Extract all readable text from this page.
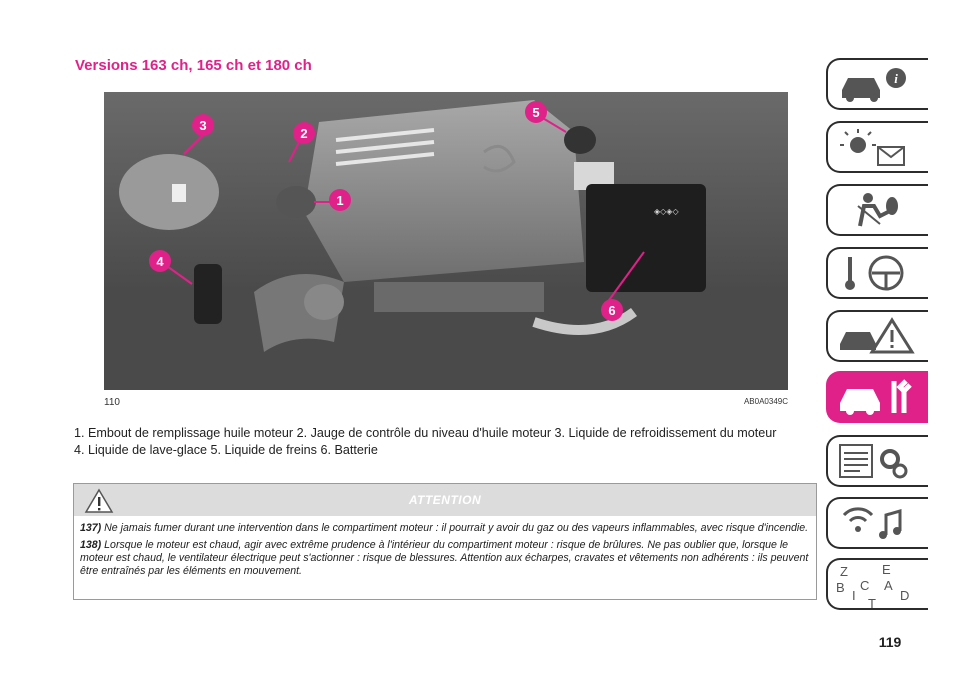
Versions 163 ch, 165 ch et 180 ch
◈◇◈◇
1
2
3
4
5
6
110	AB0A0349C
1. Embout de remplissage huile moteur 2. Jauge de contrôle du niveau d'huile moteur 3. Liquide de refroidissement du moteur
4. Liquide de lave-glace 5. Liquide de freins 6. Batterie
ATTENTION

137) Ne jamais fumer durant une intervention dans le compartiment moteur : il pourrait y avoir du gaz ou des vapeurs inflammables, avec risque d'incendie.

138) Lorsque le moteur est chaud, agir avec extrême prudence à l'intérieur du compartiment moteur : risque de brûlures. Ne pas oublier que, lorsque le moteur est chaud, le ventilateur électrique peut s'actionner : risque de blessures. Attention aux écharpes, cravates et vêtements non adhérents : ils peuvent être entraînés par les éléments en mouvement.

119
i
Z	E
B	A
I
C
D
T
